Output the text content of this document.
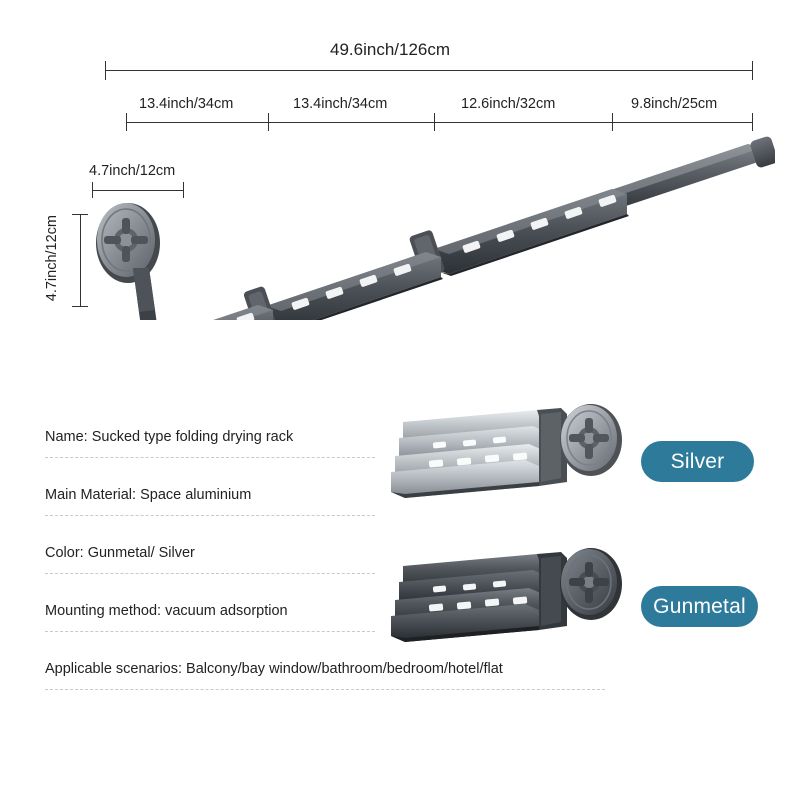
49.6inch/126cm
13.4inch/34cm	13.4inch/34cm	12.6inch/32cm	9.8inch/25cm
4.7inch/12cm
4.7inch/12cm
Name: Sucked type folding drying rack
Main Material: Space aluminium
Color: Gunmetal/ Silver
Mounting method: vacuum adsorption
Applicable scenarios: Balcony/bay window/bathroom/bedroom/hotel/flat
Silver
Gunmetal
